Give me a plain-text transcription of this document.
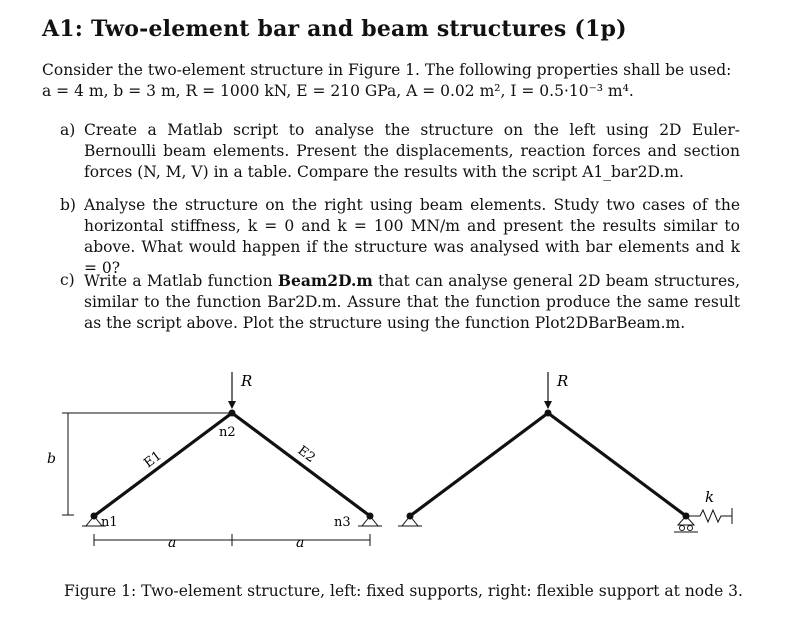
A1: Two-element bar and beam structures (1p)
Consider the two-element structure in Figure 1. The following properties shall be used:
a = 4 m, b = 3 m, R = 1000 kN, E = 210 GPa, A = 0.02 m², I = 0.5·10⁻³ m⁴.
a) Create a Matlab script to analyse the structure on the left using 2D Euler-Bernoulli beam elements. Present the displacements, reaction forces and section forces (N, M, V) in a table. Compare the results with the script A1_bar2D.m.
b) Analyse the structure on the right using beam elements. Study two cases of the horizontal stiffness, k = 0 and k = 100 MN/m and present the results similar to above. What would happen if the structure was analysed with bar elements and k = 0?
c) Write a Matlab function Beam2D.m that can analyse general 2D beam structures, similar to the function Bar2D.m. Assure that the function produce the same result as the script above. Plot the structure using the function Plot2DBarBeam.m.
b
R
n1
n2
n3
E1	E2
a	a
R
k
Figure 1: Two-element structure, left: fixed supports, right: flexible support at node 3.
